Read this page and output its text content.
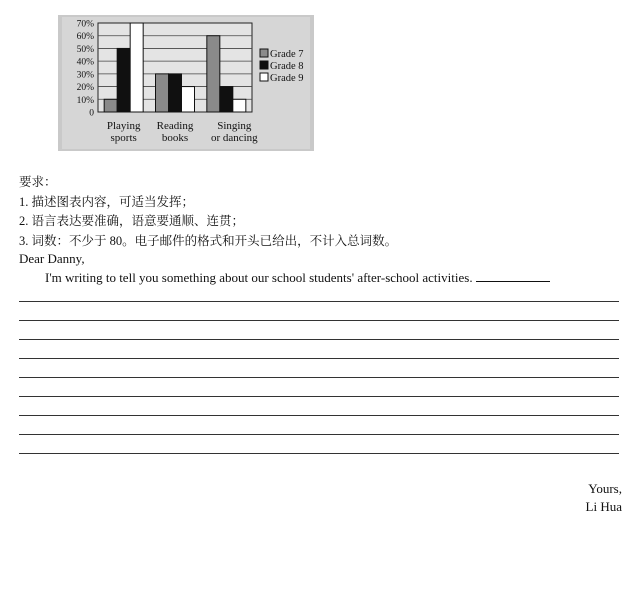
70%
60%
50%
40%
30%
20%
10%
0
Playing
sports
Reading
books
Singing
or dancing
Grade 7
Grade 8
Grade 9
要求：
1. 描述图表内容，可适当发挥；
2. 语言表达要准确，语意要通顺、连贯；
3. 词数：不少于 80。电子邮件的格式和开头已给出，不计入总词数。
Dear Danny,
I'm writing to tell you something about our school students' after-school activities.
Yours,
Li Hua
